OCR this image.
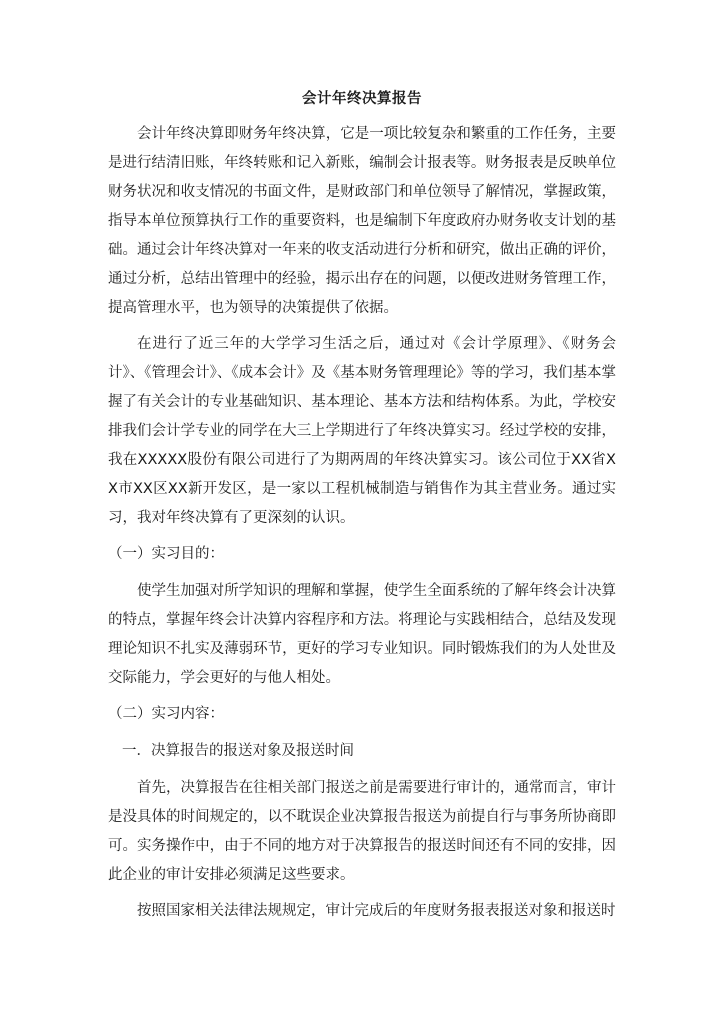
会计年终决算报告

会计年终决算即财务年终决算，它是一项比较复杂和繁重的工作任务，主要是进行结清旧账，年终转账和记入新账，编制会计报表等。财务报表是反映单位财务状况和收支情况的书面文件，是财政部门和单位领导了解情况，掌握政策，指导本单位预算执行工作的重要资料，也是编制下年度政府办财务收支计划的基础。通过会计年终决算对一年来的收支活动进行分析和研究，做出正确的评价，通过分析，总结出管理中的经验，揭示出存在的问题，以便改进财务管理工作，提高管理水平，也为领导的决策提供了依据。

在进行了近三年的大学学习生活之后，通过对《会计学原理》、《财务会计》、《管理会计》、《成本会计》及《基本财务管理理论》等的学习，我们基本掌握了有关会计的专业基础知识、基本理论、基本方法和结构体系。为此，学校安排我们会计学专业的同学在大三上学期进行了年终决算实习。经过学校的安排，我在XXXXX股份有限公司进行了为期两周的年终决算实习。该公司位于XX省XX市XX区XX新开发区，是一家以工程机械制造与销售作为其主营业务。通过实习，我对年终决算有了更深刻的认识。

（一）实习目的：

使学生加强对所学知识的理解和掌握，使学生全面系统的了解年终会计决算的特点，掌握年终会计决算内容程序和方法。将理论与实践相结合，总结及发现理论知识不扎实及薄弱环节，更好的学习专业知识。同时锻炼我们的为人处世及交际能力，学会更好的与他人相处。

（二）实习内容：
一．决算报告的报送对象及报送时间

首先，决算报告在往相关部门报送之前是需要进行审计的，通常而言，审计是没具体的时间规定的，以不耽误企业决算报告报送为前提自行与事务所协商即可。实务操作中，由于不同的地方对于决算报告的报送时间还有不同的安排，因此企业的审计安排必须满足这些要求。

按照国家相关法律法规规定，审计完成后的年度财务报表报送对象和报送时
